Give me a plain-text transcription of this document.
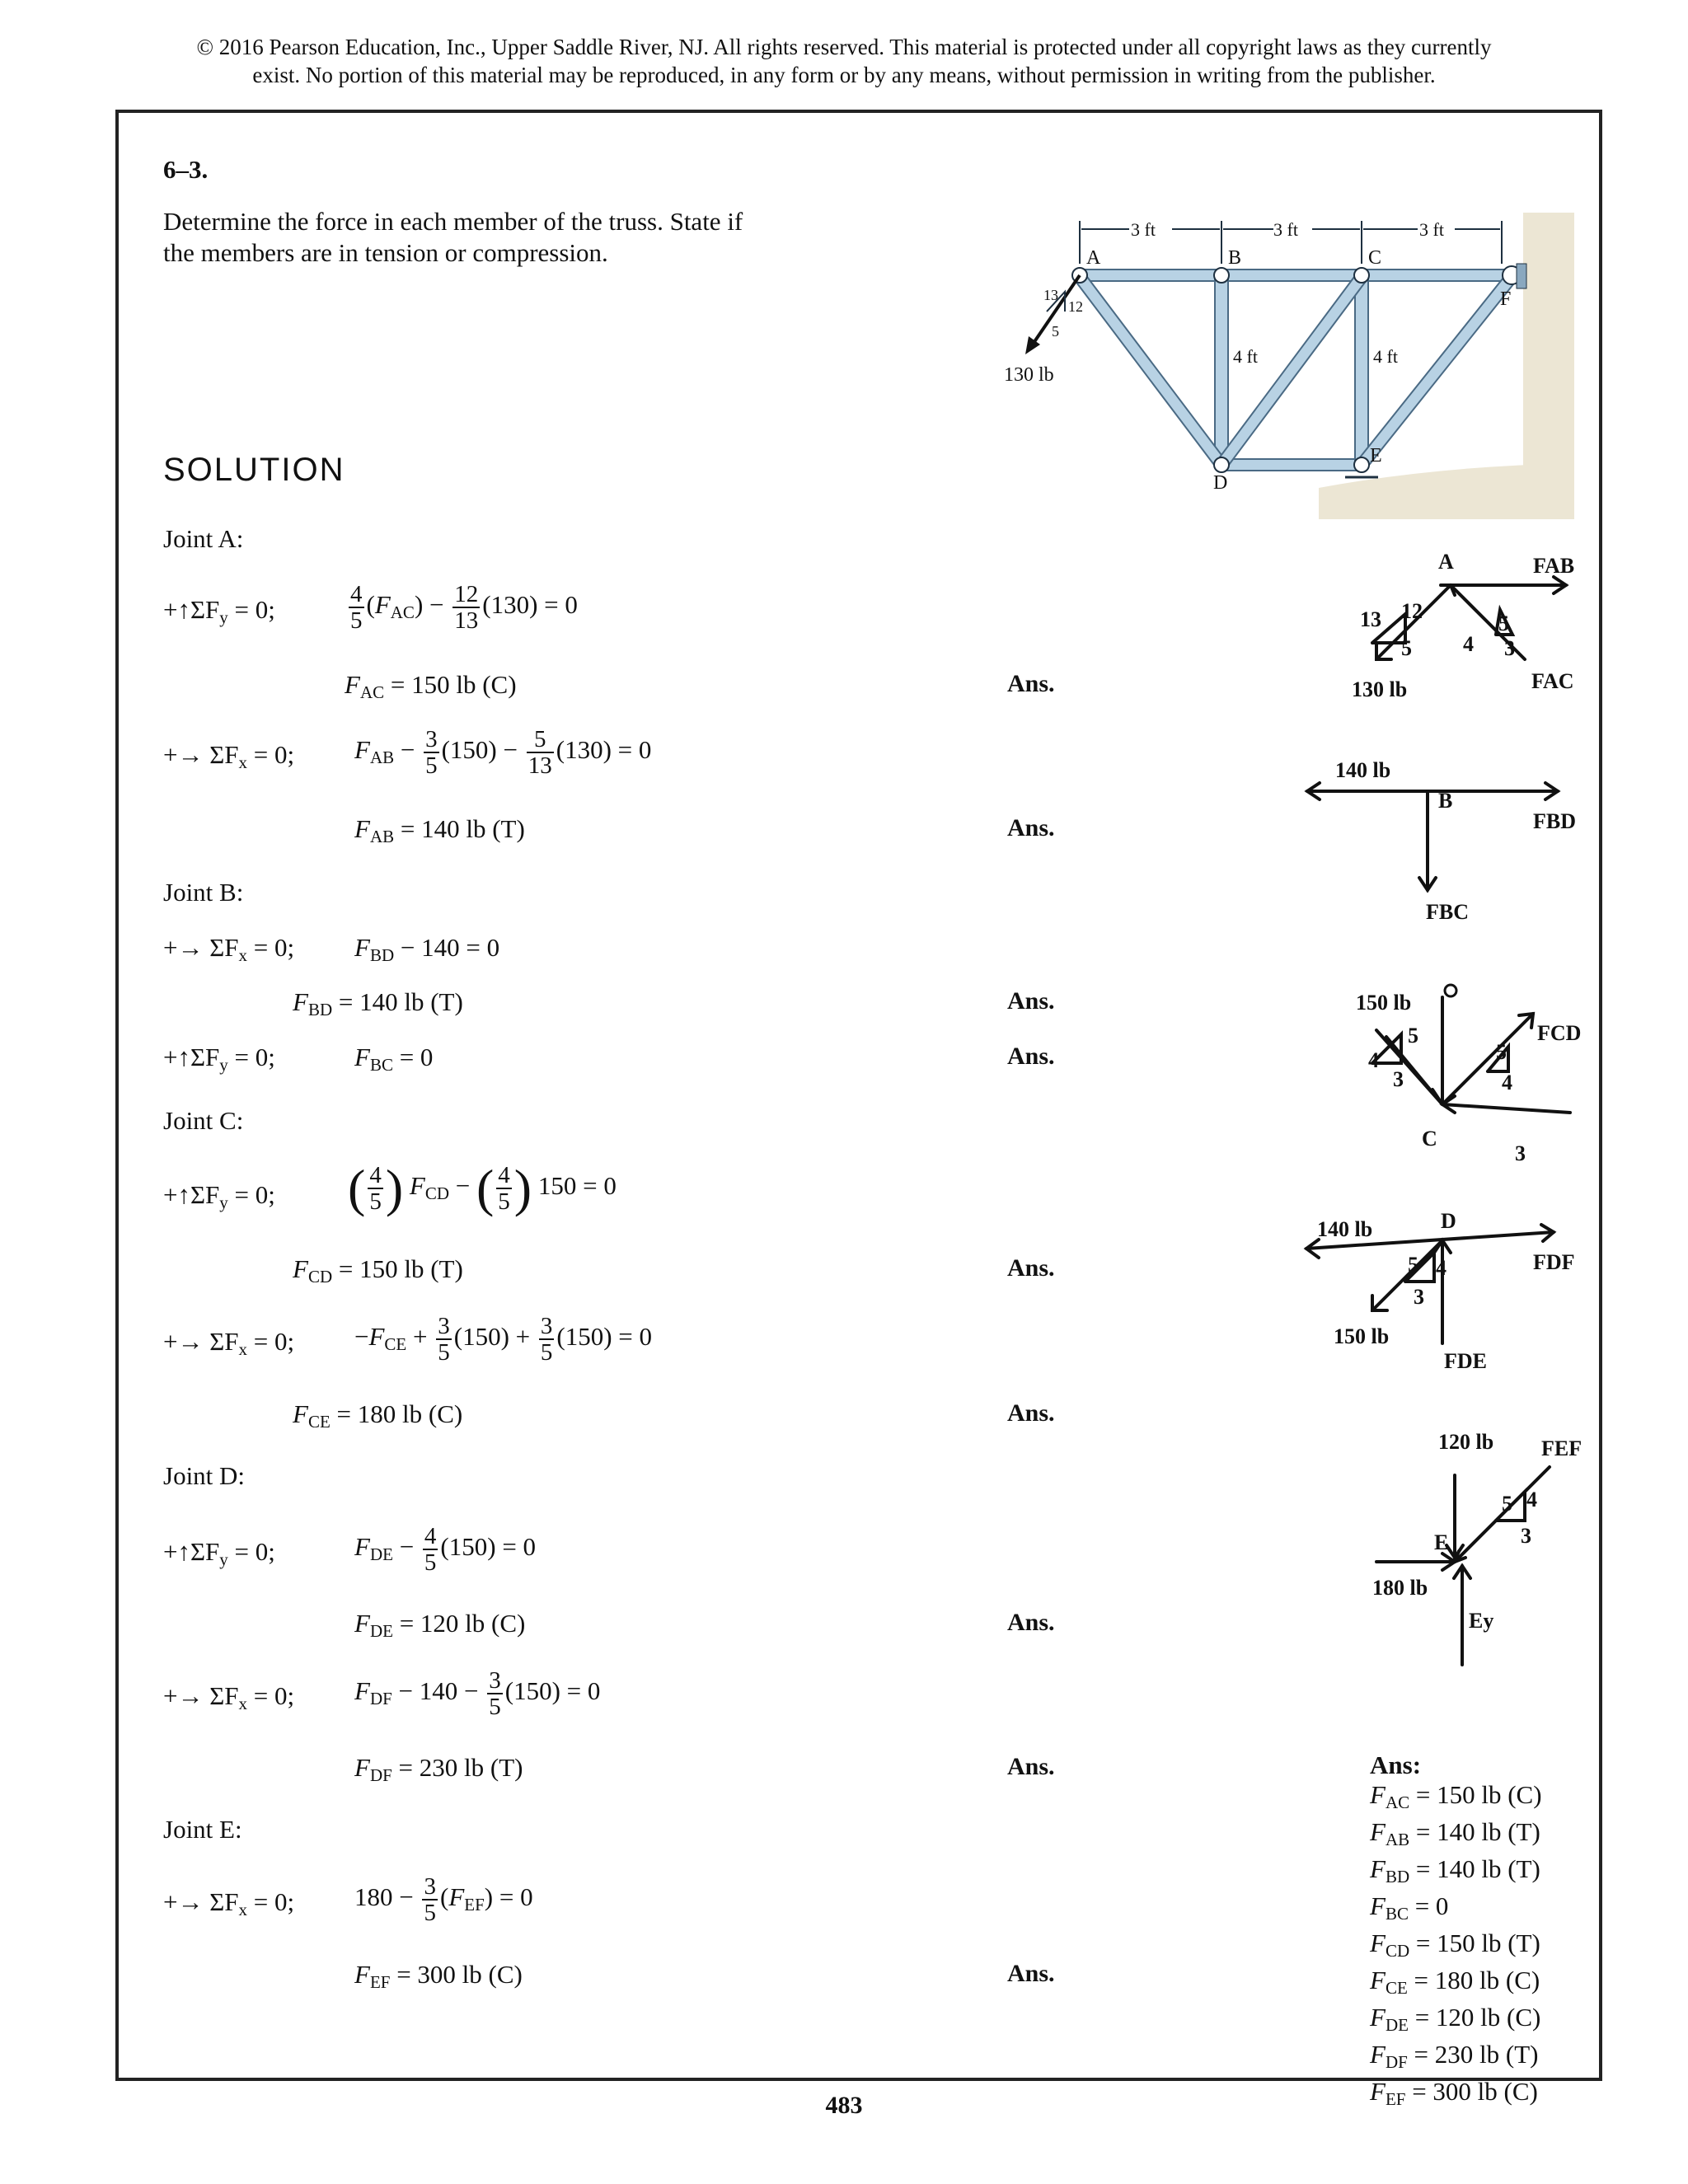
© 2016 Pearson Education, Inc., Upper Saddle River, NJ. All rights reserved. This material is protected under all copyright laws as they currently
exist. No portion of this material may be reproduced, in any form or by any means, without permission in writing from the publisher.
6–3.
Determine the force in each member of the truss. State if
the members are in tension or compression.
3 ft	3 ft	3 ft
4 ft	4 ft
A	B	C
D
E
F
130 lb
13
12
5
SOLUTION
Joint A:
$+↑\Sigma F_y = 0$;	$\frac{4}{5} (F_{AC}) - \frac{12}{13} (130) = 0$
$F_{AC} = 150$ lb (C)	Ans.
+→ $\Sigma F_x = 0$; $F_{AB} - \frac{3}{5} (150) - \frac{5}{13} (130) = 0$
$F_{AB} = 140$ lb (T)	Ans.
Joint B:
+→ $\Sigma F_x = 0$; $F_{BD} - 140 = 0$
$F_{BD} = 140$ lb (T)	Ans.
$+↑\Sigma F_y = 0$;	$F_{BC} = 0$	Ans.
Joint C:
$+↑\Sigma F_y = 0$; ( $\frac{4}{5}$ ) $F_{CD}$ − ( $\frac{4}{5}$ ) 150 = 0
$F_{CD} = 150$ lb (T)	Ans.
+→ $\Sigma F_x = 0$; $-F_{CE} + \frac{3}{5} (150) + \frac{3}{5} (150) = 0$
$F_{CE} = 180$ lb (C)	Ans.
Joint D:
$+↑\Sigma F_y = 0$;	$F_{DE} - \frac{4}{5} (150) = 0$
$F_{DE} = 120$ lb (C)	Ans.
+→ $\Sigma F_x = 0$; $F_{DF} - 140 - \frac{3}{5} (150) = 0$
$F_{DF} = 230$ lb (T)	Ans.
Joint E:
+→ $\Sigma F_x = 0$; $180 - \frac{3}{5} (F_{EF}) = 0$
$F_{EF} = 300$ lb (C)	Ans.
A	FAB
13 12
5 4
5
3
130 lb	FAC
140 lb
B
FBD
FBC
150 lb
5
4
3
C
FCD
5
4
3
140 lb	D
FDF
5 4
3
150 lb
FDE
120 lb FEF
5 4
3
E
180 lb
Ey
Ans:
$F_{AC} = 150$ lb (C)
$F_{AB} = 140$ lb (T)
$F_{BD} = 140$ lb (T)
$F_{BC} = 0$
$F_{CD} = 150$ lb (T)
$F_{CE} = 180$ lb (C)
$F_{DE} = 120$ lb (C)
$F_{DF} = 230$ lb (T)
$F_{EF} = 300$ lb (C)
483
